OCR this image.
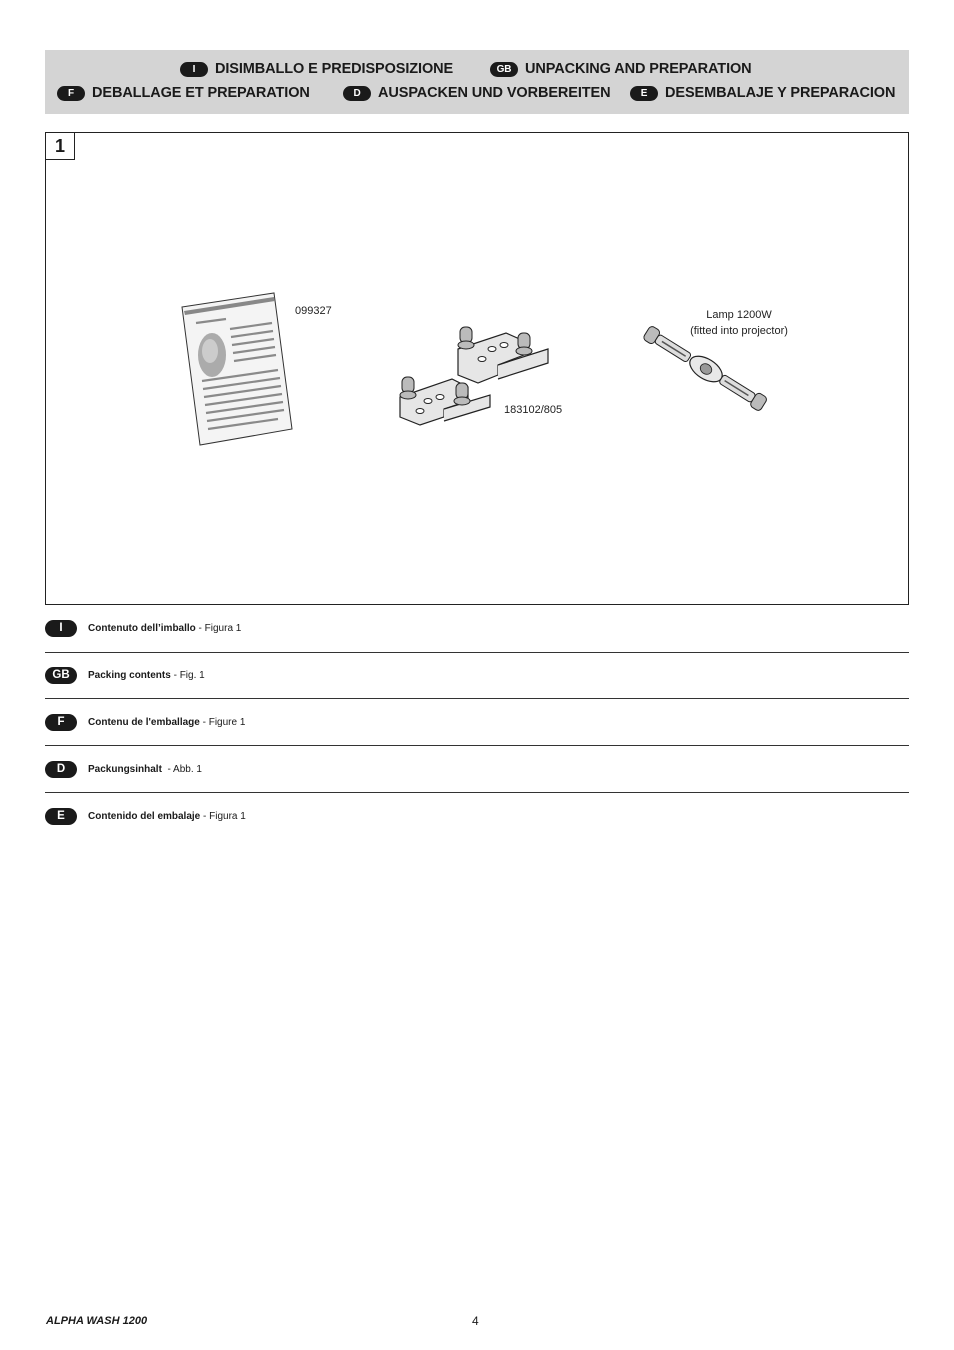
I	DISIMBALLO E PREDISPOSIZIONE	GB UNPACKING AND PREPARATION
F	DEBALLAGE ET PREPARATION	D	AUSPACKEN UND VORBEREITEN	E	DESEMBALAJE Y PREPARACION
1
099327
183102/805
Lamp 1200W
(fitted into projector)
I	Contenuto dell’imballo - Figura 1
GB	Packing contents - Fig. 1
F	Contenu de l'emballage - Figure 1
D	Packungsinhalt  - Abb. 1
E	Contenido del embalaje - Figura 1
ALPHA WASH 1200	4
